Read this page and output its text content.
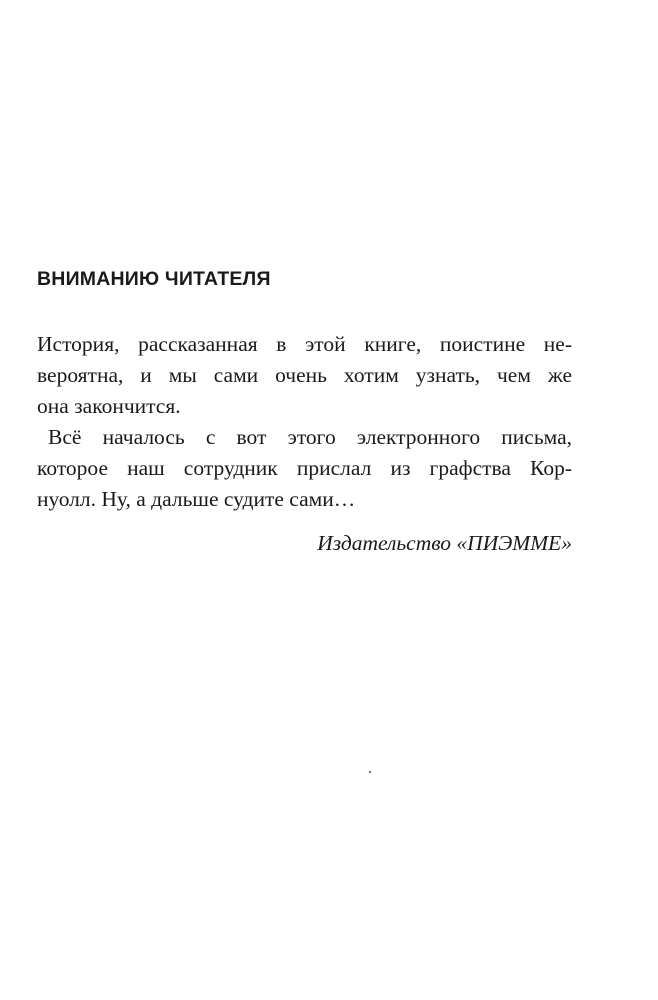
ВНИМАНИЮ ЧИТАТЕЛЯ
История, рассказанная в этой книге, поистине не-
вероятна, и мы сами очень хотим узнать, чем же
она закончится.
Всё началось с вот этого электронного письма,
которое наш сотрудник прислал из графства Кор-
нуолл. Ну, а дальше судите сами…
Издательство «ПИЭММЕ»
